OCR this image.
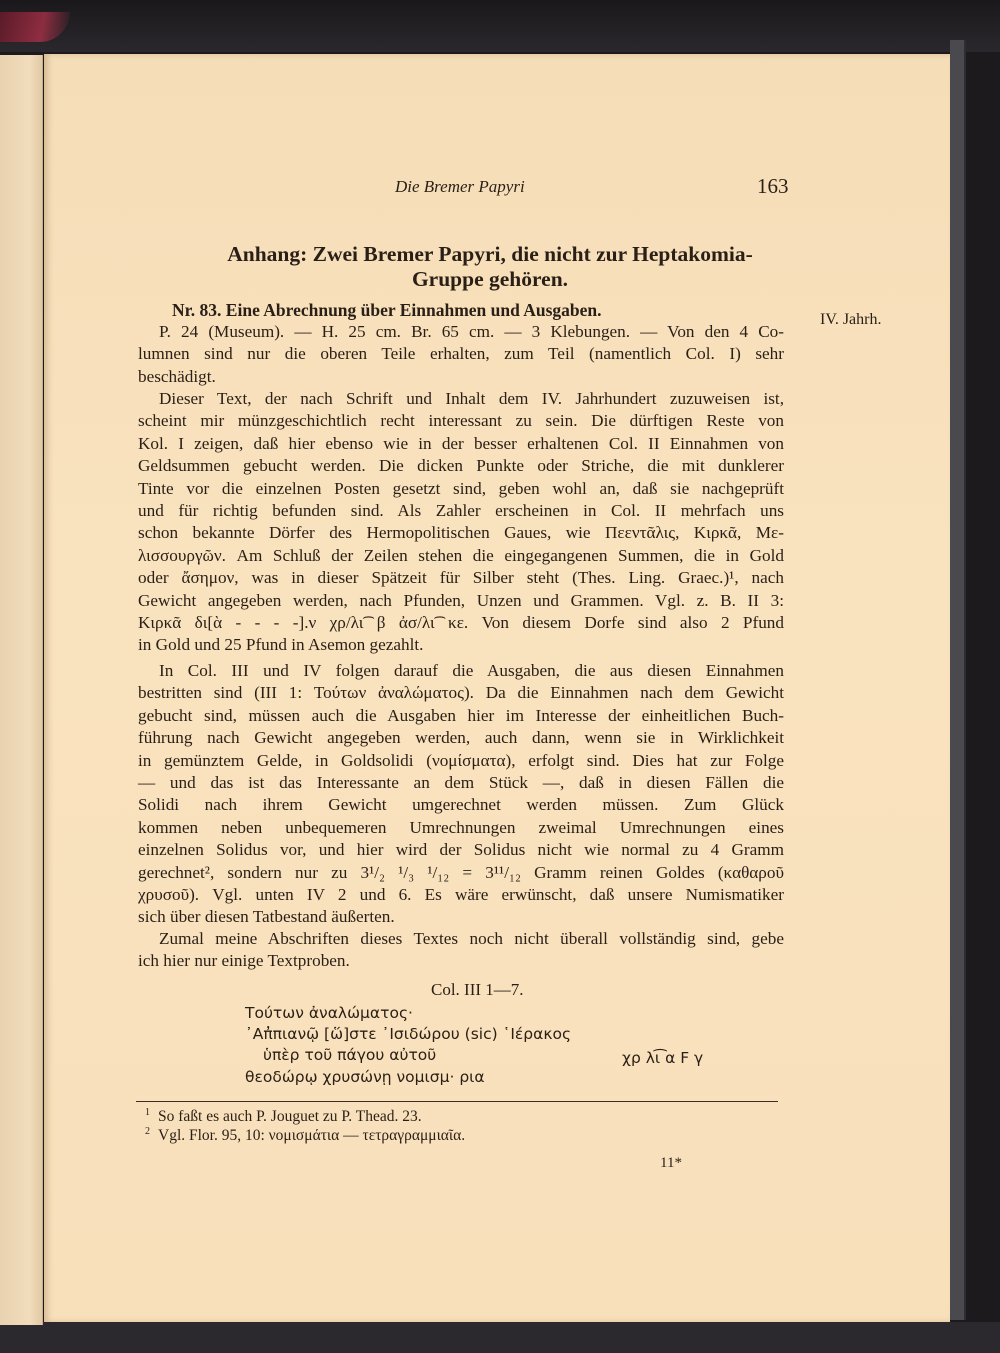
Die Bremer Papyri	163
Anhang: Zwei Bremer Papyri, die nicht zur Heptakomia-
Gruppe gehören.
Nr. 83. Eine Abrechnung über Einnahmen und Ausgaben.	IV. Jahrh.
P. 24 (Museum). — H. 25 cm. Br. 65 cm. — 3 Klebungen. — Von den 4 Co-
lumnen sind nur die oberen Teile erhalten, zum Teil (namentlich Col. I) sehr
beschädigt.
Dieser Text, der nach Schrift und Inhalt dem IV. Jahrhundert zuzuweisen ist,
scheint mir münzgeschichtlich recht interessant zu sein. Die dürftigen Reste von
Kol. I zeigen, daß hier ebenso wie in der besser erhaltenen Col. II Einnahmen von
Geldsummen gebucht werden. Die dicken Punkte oder Striche, die mit dunklerer
Tinte vor die einzelnen Posten gesetzt sind, geben wohl an, daß sie nachgeprüft
und für richtig befunden sind. Als Zahler erscheinen in Col. II mehrfach uns
schon bekannte Dörfer des Hermopolitischen Gaues, wie Πεεντᾶλις, Κιρκᾶ, Με-
λισσουργῶν. Am Schluß der Zeilen stehen die eingegangenen Summen, die in Gold
oder ἄσημον, was in dieser Spätzeit für Silber steht (Thes. Ling. Graec.)¹, nach
Gewicht angegeben werden, nach Pfunden, Unzen und Grammen. Vgl. z. B. II 3:
Κιρκᾶ δι[ὰ - - - -].ν χρ/λι͡ β ἀσ/λι͡ κε. Von diesem Dorfe sind also 2 Pfund
in Gold und 25 Pfund in Asemon gezahlt.
In Col. III und IV folgen darauf die Ausgaben, die aus diesen Einnahmen
bestritten sind (III 1: Τούτων ἀναλώματος). Da die Einnahmen nach dem Gewicht
gebucht sind, müssen auch die Ausgaben hier im Interesse der einheitlichen Buch-
führung nach Gewicht angegeben werden, auch dann, wenn sie in Wirklichkeit
in gemünztem Gelde, in Goldsolidi (νομίσματα), erfolgt sind. Dies hat zur Folge
— und das ist das Interessante an dem Stück —, daß in diesen Fällen die
Solidi nach ihrem Gewicht umgerechnet werden müssen. Zum Glück
kommen neben unbequemeren Umrechnungen zweimal Umrechnungen eines
einzelnen Solidus vor, und hier wird der Solidus nicht wie normal zu 4 Gramm
gerechnet², sondern nur zu 3¹/₂ ¹/₃ ¹/₁₂ = 3¹¹/₁₂ Gramm reinen Goldes (καθαροῦ
χρυσοῦ). Vgl. unten IV 2 und 6. Es wäre erwünscht, daß unsere Numismatiker
sich über diesen Tatbestand äußerten.
Zumal meine Abschriften dieses Textes noch nicht überall vollständig sind, gebe
ich hier nur einige Textproben.
Col. III 1—7.
Τούτων ἀναλώματος·
᾿Απ̓πιανῷ [ὥ]στε ᾿Ισιδώρου (sic) ῾Ιέρακος
ὑπὲρ τοῦ πάγου αὐτοῦ
θεοδώρῳ χρυσώνῃ νομισμ· ρια
χρ λι͡ α F γ
$^1$ So faßt es auch P. Jouguet zu P. Thead. 23.
$^2$ Vgl. Flor. 95, 10: νομισμάτια — τετραγραμμιαῖα.
11*
